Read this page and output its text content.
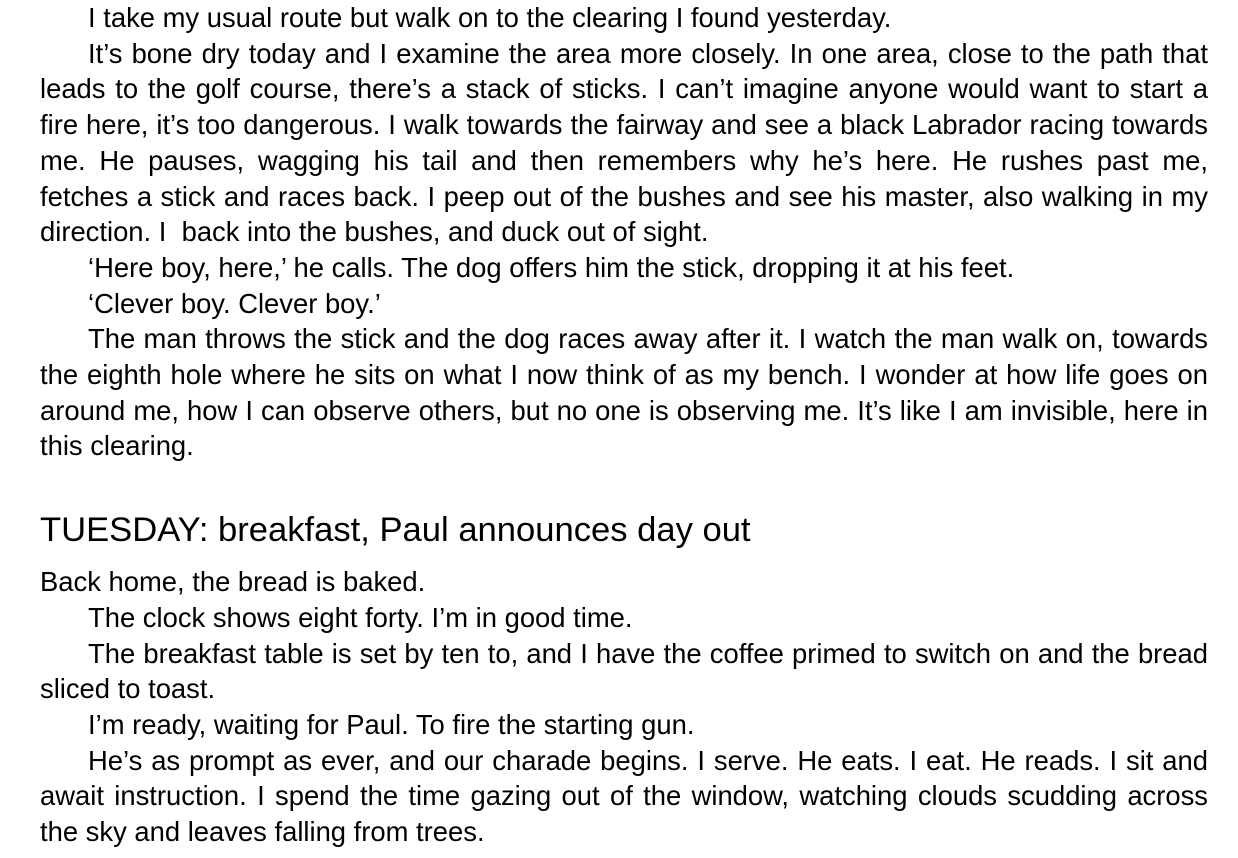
I take my usual route but walk on to the clearing I found yesterday.

It’s bone dry today and I examine the area more closely. In one area, close to the path that leads to the golf course, there’s a stack of sticks. I can’t imagine anyone would want to start a fire here, it’s too dangerous. I walk towards the fairway and see a black Labrador racing towards me. He pauses, wagging his tail and then remembers why he’s here. He rushes past me, fetches a stick and races back. I peep out of the bushes and see his master, also walking in my direction. I  back into the bushes, and duck out of sight.

‘Here boy, here,’ he calls. The dog offers him the stick, dropping it at his feet.

‘Clever boy. Clever boy.’

The man throws the stick and the dog races away after it. I watch the man walk on, towards the eighth hole where he sits on what I now think of as my bench. I wonder at how life goes on around me, how I can observe others, but no one is observing me. It’s like I am invisible, here in this clearing.

TUESDAY: breakfast, Paul announces day out

Back home, the bread is baked.

The clock shows eight forty. I’m in good time.

The breakfast table is set by ten to, and I have the coffee primed to switch on and the bread sliced to toast.

I’m ready, waiting for Paul. To fire the starting gun.

He’s as prompt as ever, and our charade begins. I serve. He eats. I eat. He reads. I sit and await instruction. I spend the time gazing out of the window, watching clouds scudding across the sky and leaves falling from trees.
